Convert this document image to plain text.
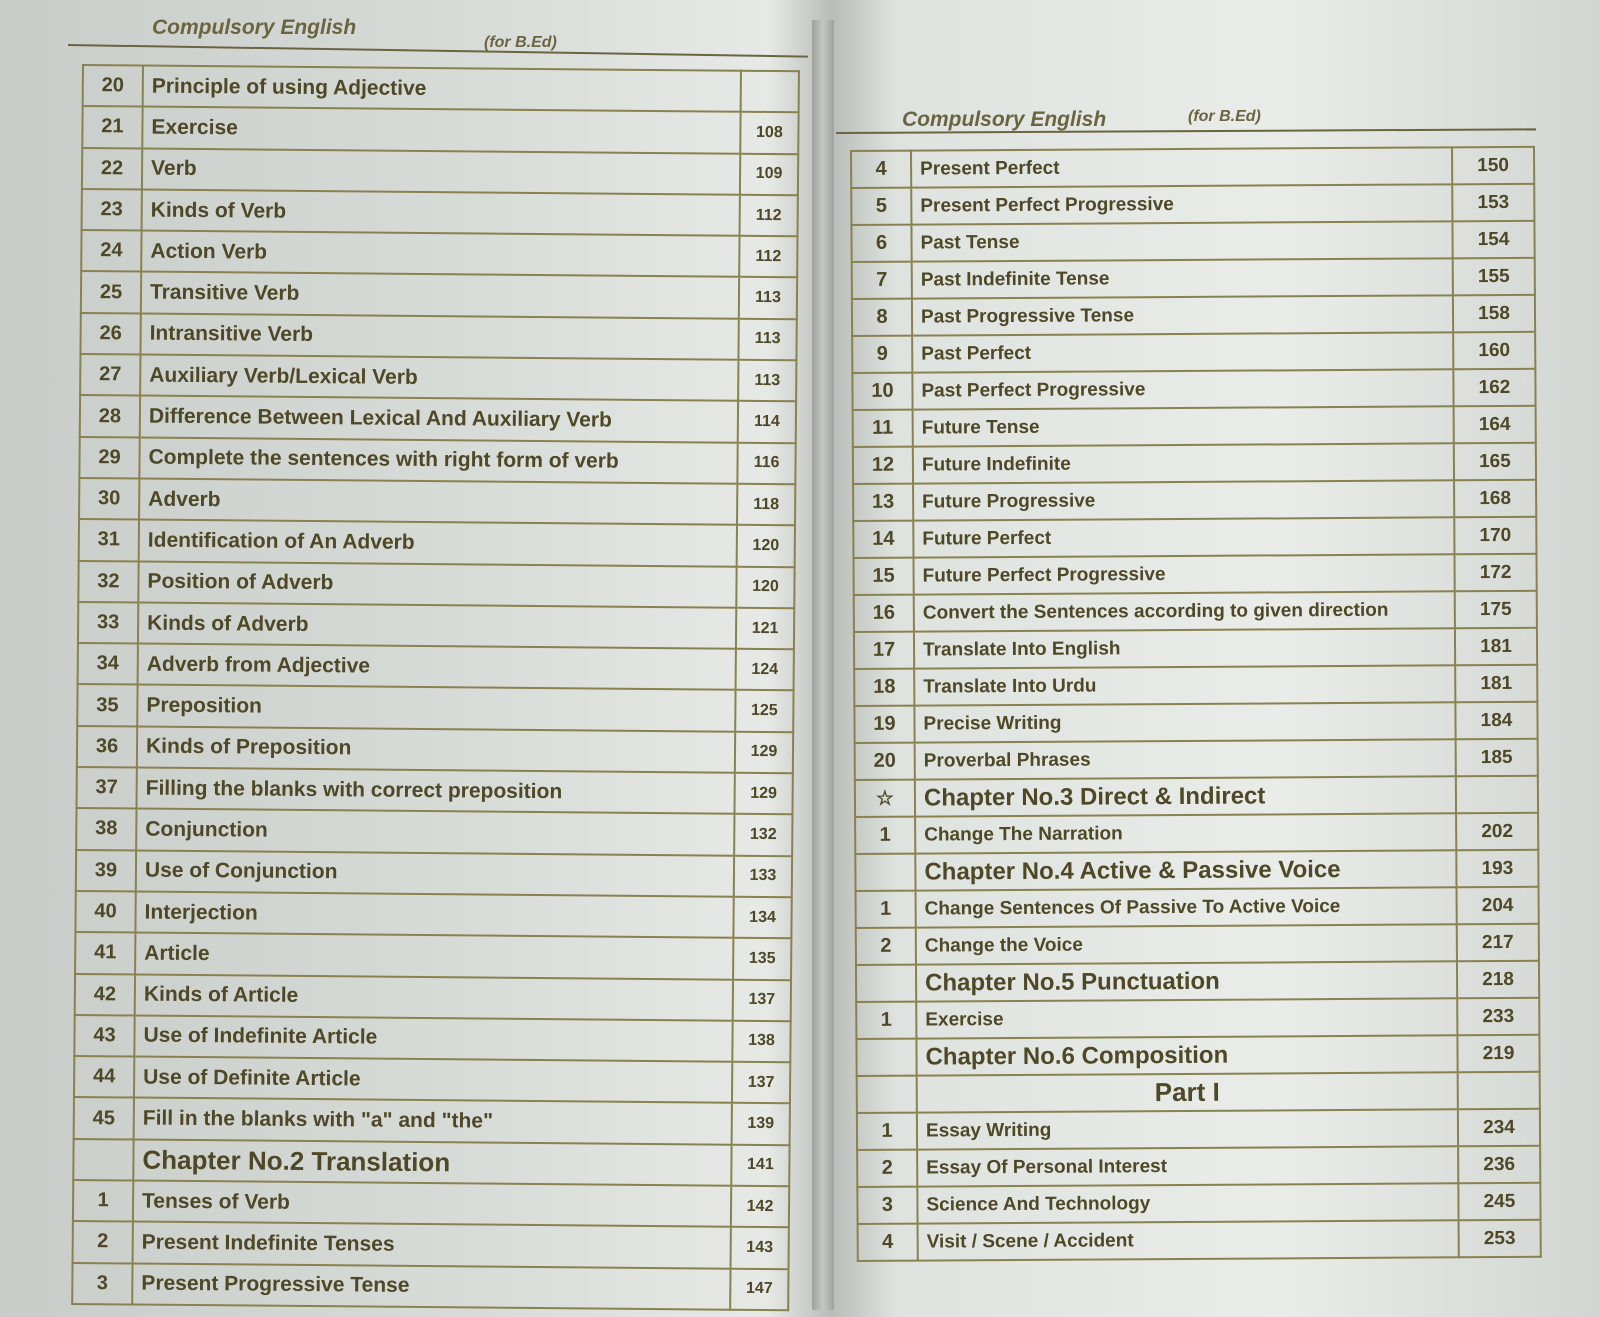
Compulsory English
(for B.Ed)
20	Principle of using Adjective	
21	Exercise	108
22	Verb	109
23	Kinds of Verb	112
24	Action Verb	112
25	Transitive Verb	113
26	Intransitive Verb	113
27	Auxiliary Verb/Lexical Verb	113
28	Difference Between Lexical And Auxiliary Verb	114
29	Complete the sentences with right form of verb	116
30	Adverb	118
31	Identification of An Adverb	120
32	Position of Adverb	120
33	Kinds of Adverb	121
34	Adverb from Adjective	124
35	Preposition	125
36	Kinds of Preposition	129
37	Filling the blanks with correct preposition	129
38	Conjunction	132
39	Use of Conjunction	133
40	Interjection	134
41	Article	135
42	Kinds of Article	137
43	Use of Indefinite Article	138
44	Use of Definite Article	137
45	Fill in the blanks with "a" and "the"	139
	Chapter No.2 Translation	141
1	Tenses of Verb	142
2	Present Indefinite Tenses	143
3	Present Progressive Tense	147
Compulsory English	(for B.Ed)
4	Present Perfect	150
5	Present Perfect Progressive	153
6	Past Tense	154
7	Past Indefinite Tense	155
8	Past Progressive Tense	158
9	Past Perfect	160
10	Past Perfect Progressive	162
11	Future Tense	164
12	Future Indefinite	165
13	Future Progressive	168
14	Future Perfect	170
15	Future Perfect Progressive	172
16	Convert the Sentences according to given direction	175
17	Translate Into English	181
18	Translate Into Urdu	181
19	Precise Writing	184
20	Proverbal Phrases	185
☆	Chapter No.3 Direct & Indirect	
1	Change The Narration	202
	Chapter No.4 Active & Passive Voice	193
1	Change Sentences Of Passive To Active Voice	204
2	Change the Voice	217
	Chapter No.5 Punctuation	218
1	Exercise	233
	Chapter No.6 Composition	219
	Part I	
1	Essay Writing	234
2	Essay Of Personal Interest	236
3	Science And Technology	245
4	Visit / Scene / Accident	253
